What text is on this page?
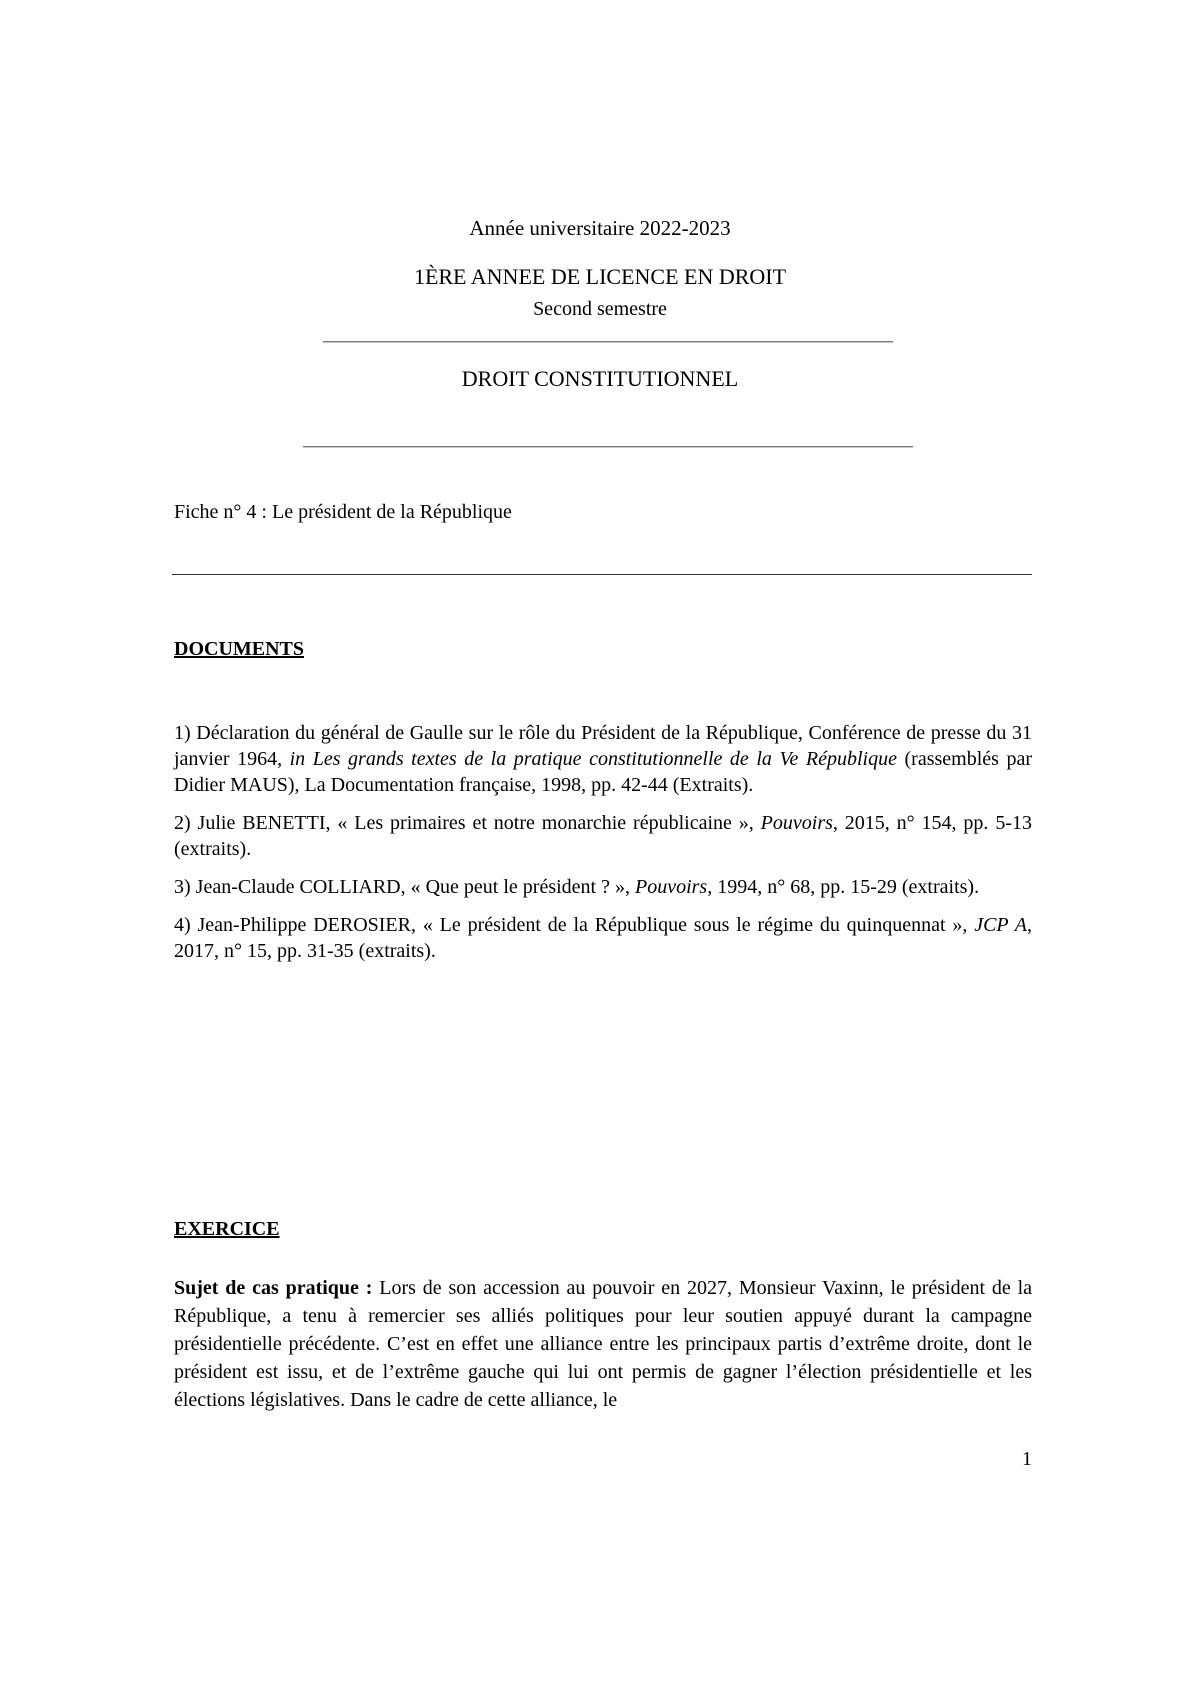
Année universitaire 2022-2023
1ÈRE ANNEE DE LICENCE EN DROIT
Second semestre
DROIT CONSTITUTIONNEL
Fiche n° 4 : Le président de la République
DOCUMENTS

1) Déclaration du général de Gaulle sur le rôle du Président de la République, Conférence de presse du 31 janvier 1964, in Les grands textes de la pratique constitutionnelle de la Ve République (rassemblés par Didier MAUS), La Documentation française, 1998, pp. 42-44 (Extraits).

2) Julie BENETTI, « Les primaires et notre monarchie républicaine », Pouvoirs, 2015, n° 154, pp. 5-13 (extraits).

3) Jean-Claude COLLIARD, « Que peut le président ? », Pouvoirs, 1994, n° 68, pp. 15-29 (extraits).

4) Jean-Philippe DEROSIER, « Le président de la République sous le régime du quinquennat », JCP A, 2017, n° 15, pp. 31-35 (extraits).

EXERCICE
Sujet de cas pratique : Lors de son accession au pouvoir en 2027, Monsieur Vaxinn, le président de la République, a tenu à remercier ses alliés politiques pour leur soutien appuyé durant la campagne présidentielle précédente. C’est en effet une alliance entre les principaux partis d’extrême droite, dont le président est issu, et de l’extrême gauche qui lui ont permis de gagner l’élection présidentielle et les élections législatives. Dans le cadre de cette alliance, le
1
